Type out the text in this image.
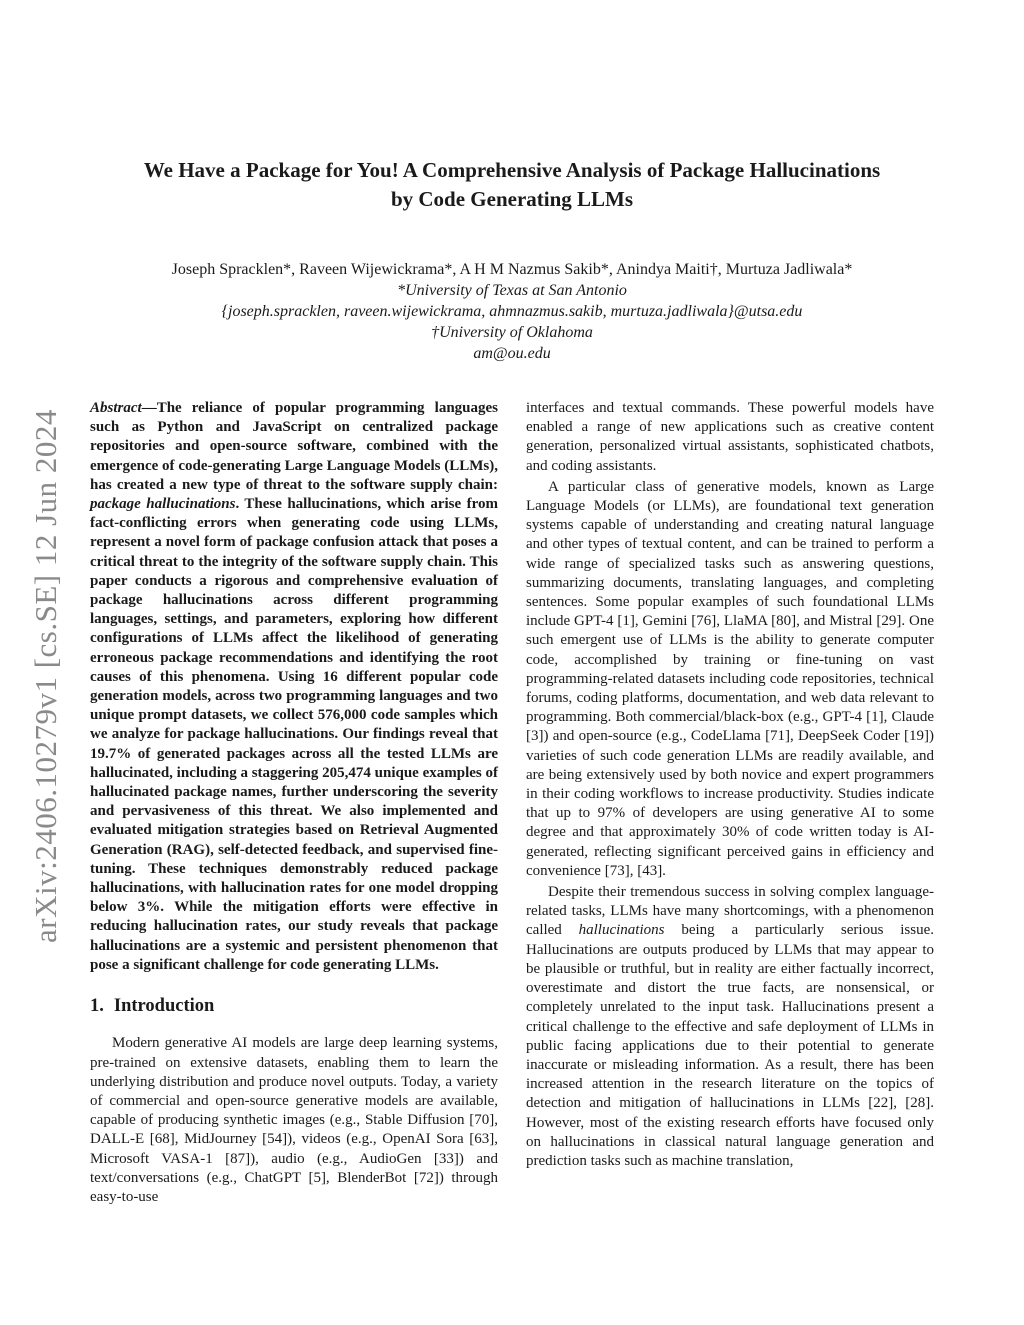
arXiv:2406.10279v1 [cs.SE] 12 Jun 2024
We Have a Package for You! A Comprehensive Analysis of Package Hallucinations
by Code Generating LLMs
Joseph Spracklen*, Raveen Wijewickrama*, A H M Nazmus Sakib*, Anindya Maiti†, Murtuza Jadliwala*
*University of Texas at San Antonio
{joseph.spracklen, raveen.wijewickrama, ahmnazmus.sakib, murtuza.jadliwala}@utsa.edu
†University of Oklahoma
am@ou.edu

Abstract—The reliance of popular programming languages such as Python and JavaScript on centralized package repositories and open-source software, combined with the emergence of code-generating Large Language Models (LLMs), has created a new type of threat to the software supply chain: package hallucinations. These hallucinations, which arise from fact-conflicting errors when generating code using LLMs, represent a novel form of package confusion attack that poses a critical threat to the integrity of the software supply chain. This paper conducts a rigorous and comprehensive evaluation of package hallucinations across different programming languages, settings, and parameters, exploring how different configurations of LLMs affect the likelihood of generating erroneous package recommendations and identifying the root causes of this phenomena. Using 16 different popular code generation models, across two programming languages and two unique prompt datasets, we collect 576,000 code samples which we analyze for package hallucinations. Our findings reveal that 19.7% of generated packages across all the tested LLMs are hallucinated, including a staggering 205,474 unique examples of hallucinated package names, further underscoring the severity and pervasiveness of this threat. We also implemented and evaluated mitigation strategies based on Retrieval Augmented Generation (RAG), self-detected feedback, and supervised fine-tuning. These techniques demonstrably reduced package hallucinations, with hallucination rates for one model dropping below 3%. While the mitigation efforts were effective in reducing hallucination rates, our study reveals that package hallucinations are a systemic and persistent phenomenon that pose a significant challenge for code generating LLMs.

1. Introduction

Modern generative AI models are large deep learning systems, pre-trained on extensive datasets, enabling them to learn the underlying distribution and produce novel outputs. Today, a variety of commercial and open-source generative models are available, capable of producing synthetic images (e.g., Stable Diffusion [70], DALL-E [68], MidJourney [54]), videos (e.g., OpenAI Sora [63], Microsoft VASA-1 [87]), audio (e.g., AudioGen [33]) and text/conversations (e.g., ChatGPT [5], BlenderBot [72]) through easy-to-use

interfaces and textual commands. These powerful models have enabled a range of new applications such as creative content generation, personalized virtual assistants, sophisticated chatbots, and coding assistants.

A particular class of generative models, known as Large Language Models (or LLMs), are foundational text generation systems capable of understanding and creating natural language and other types of textual content, and can be trained to perform a wide range of specialized tasks such as answering questions, summarizing documents, translating languages, and completing sentences. Some popular examples of such foundational LLMs include GPT-4 [1], Gemini [76], LlaMA [80], and Mistral [29]. One such emergent use of LLMs is the ability to generate computer code, accomplished by training or fine-tuning on vast programming-related datasets including code repositories, technical forums, coding platforms, documentation, and web data relevant to programming. Both commercial/black-box (e.g., GPT-4 [1], Claude [3]) and open-source (e.g., CodeLlama [71], DeepSeek Coder [19]) varieties of such code generation LLMs are readily available, and are being extensively used by both novice and expert programmers in their coding workflows to increase productivity. Studies indicate that up to 97% of developers are using generative AI to some degree and that approximately 30% of code written today is AI-generated, reflecting significant perceived gains in efficiency and convenience [73], [43].

Despite their tremendous success in solving complex language-related tasks, LLMs have many shortcomings, with a phenomenon called hallucinations being a particularly serious issue. Hallucinations are outputs produced by LLMs that may appear to be plausible or truthful, but in reality are either factually incorrect, overestimate and distort the true facts, are nonsensical, or completely unrelated to the input task. Hallucinations present a critical challenge to the effective and safe deployment of LLMs in public facing applications due to their potential to generate inaccurate or misleading information. As a result, there has been increased attention in the research literature on the topics of detection and mitigation of hallucinations in LLMs [22], [28]. However, most of the existing research efforts have focused only on hallucinations in classical natural language generation and prediction tasks such as machine translation,
